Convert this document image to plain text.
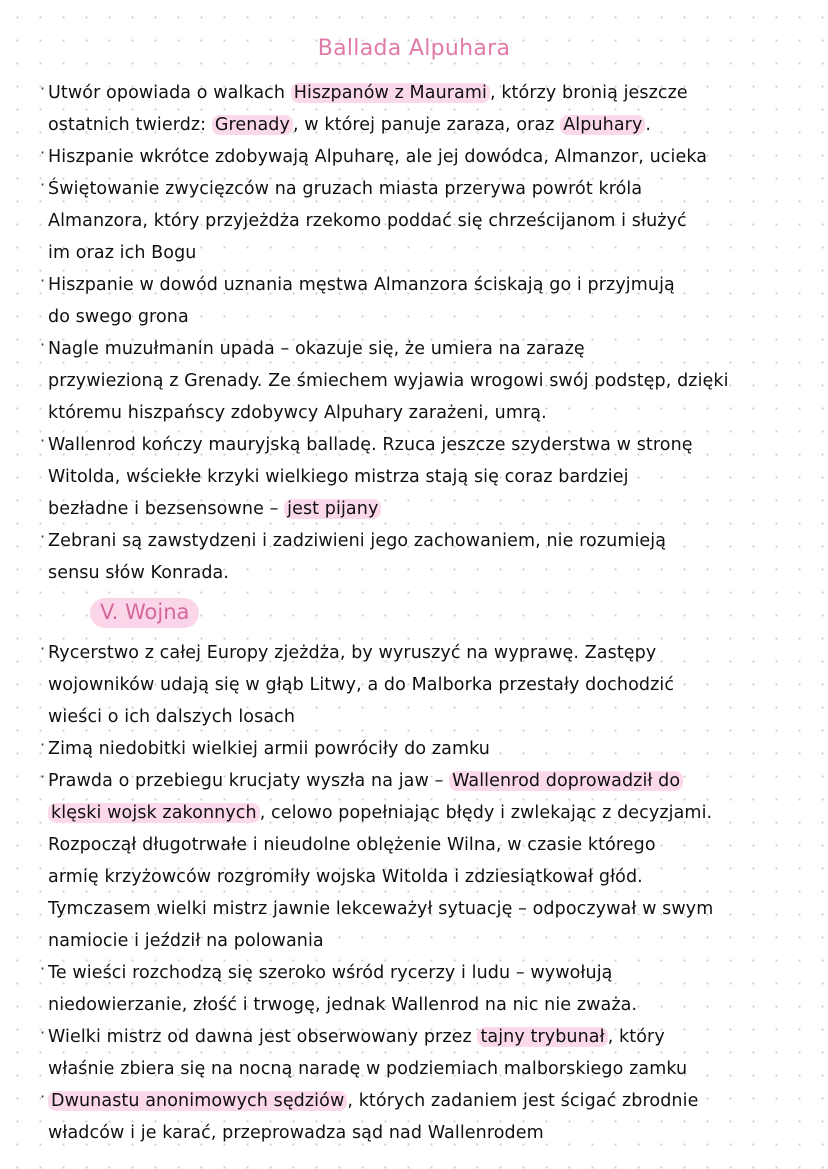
Ballada Alpuhara
· Utwór opowiada o walkach Hiszpanów z Maurami , którzy bronią jeszcze
ostatnich twierdz: Grenady , w której panuje zaraza, oraz Alpuhary .
· Hiszpanie wkrótce zdobywają Alpuharę, ale jej dowódca, Almanzor, ucieka
· Świętowanie zwycięzców na gruzach miasta przerywa powrót króla
Almanzora, który przyjeżdża rzekomo poddać się chrześcijanom i służyć
im oraz ich Bogu
· Hiszpanie w dowód uznania męstwa Almanzora ściskają go i przyjmują
do swego grona
· Nagle muzułmanin upada – okazuje się, że umiera na zarazę
przywiezioną z Grenady. Ze śmiechem wyjawia wrogowi swój podstęp, dzięki
któremu hiszpańscy zdobywcy Alpuhary zarażeni, umrą.
· Wallenrod kończy mauryjską balladę. Rzuca jeszcze szyderstwa w stronę
Witolda, wściekłe krzyki wielkiego mistrza stają się coraz bardziej
bezładne i bezsensowne – jest pijany
· Zebrani są zawstydzeni i zadziwieni jego zachowaniem, nie rozumieją
sensu słów Konrada.
V. Wojna
· Rycerstwo z całej Europy zjeżdża, by wyruszyć na wyprawę. Zastępy
wojowników udają się w głąb Litwy, a do Malborka przestały dochodzić
wieści o ich dalszych losach
· Zimą niedobitki wielkiej armii powróciły do zamku
· Prawda o przebiegu krucjaty wyszła na jaw – Wallenrod doprowadził do
klęski wojsk zakonnych , celowo popełniając błędy i zwlekając z decyzjami.
Rozpoczął długotrwałe i nieudolne oblężenie Wilna, w czasie którego
armię krzyżowców rozgromiły wojska Witolda i zdziesiątkował głód.
Tymczasem wielki mistrz jawnie lekceważył sytuację – odpoczywał w swym
namiocie i jeździł na polowania
· Te wieści rozchodzą się szeroko wśród rycerzy i ludu – wywołują
niedowierzanie, złość i trwogę, jednak Wallenrod na nic nie zważa.
· Wielki mistrz od dawna jest obserwowany przez tajny trybunał , który
właśnie zbiera się na nocną naradę w podziemiach malborskiego zamku
· Dwunastu anonimowych sędziów , których zadaniem jest ścigać zbrodnie
władców i je karać, przeprowadza sąd nad Wallenrodem
